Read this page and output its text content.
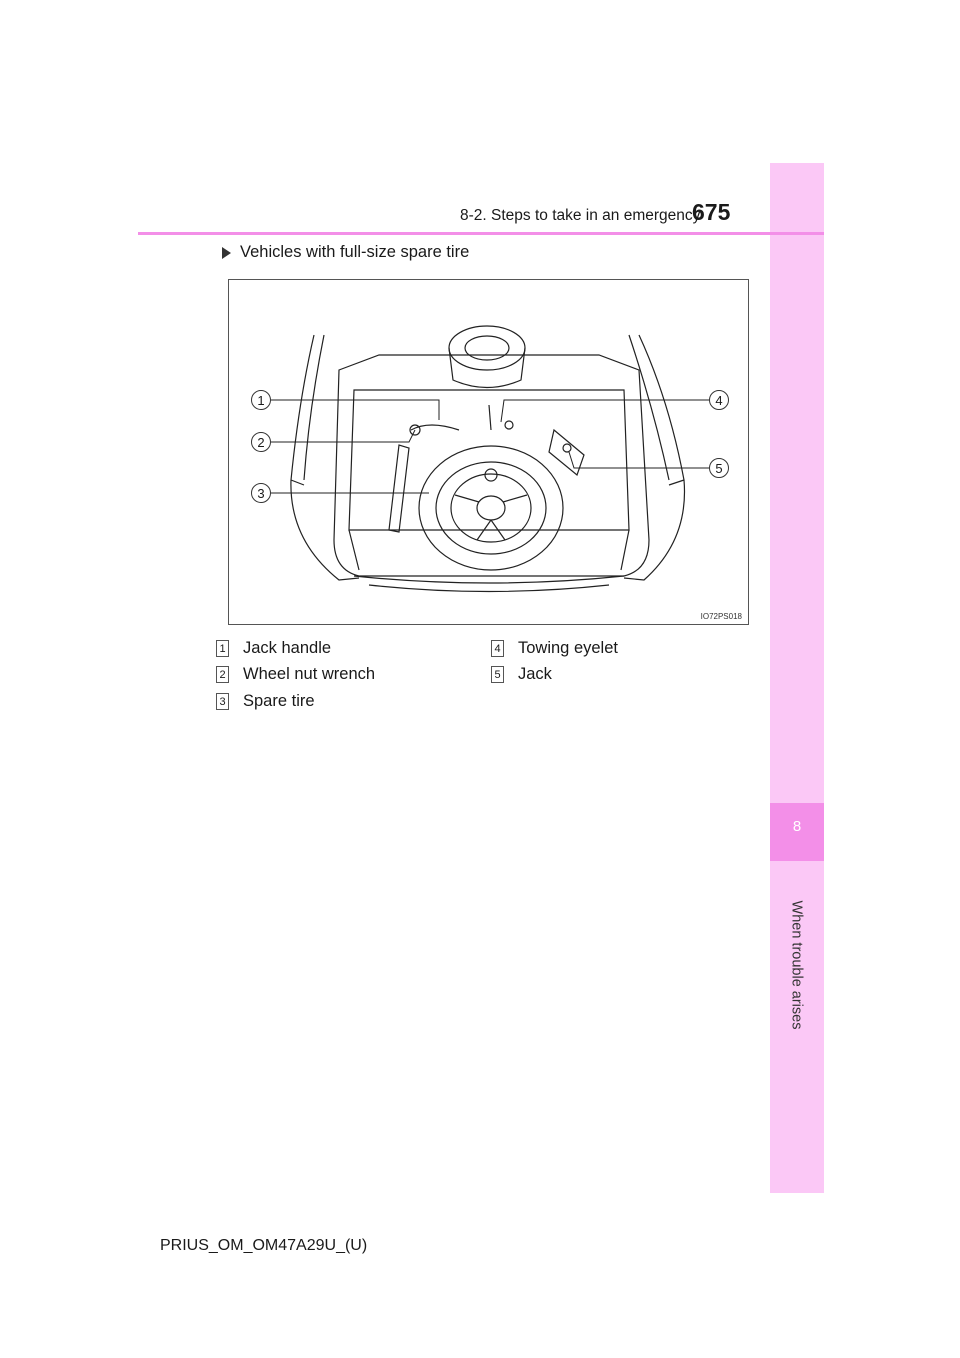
8
When trouble arises
8-2. Steps to take in an emergency
675
Vehicles with full-size spare tire
1
2
3
4
5
IO72PS018
1 Jack handle
2 Wheel nut wrench
3 Spare tire
4 Towing eyelet
5 Jack
PRIUS_OM_OM47A29U_(U)
